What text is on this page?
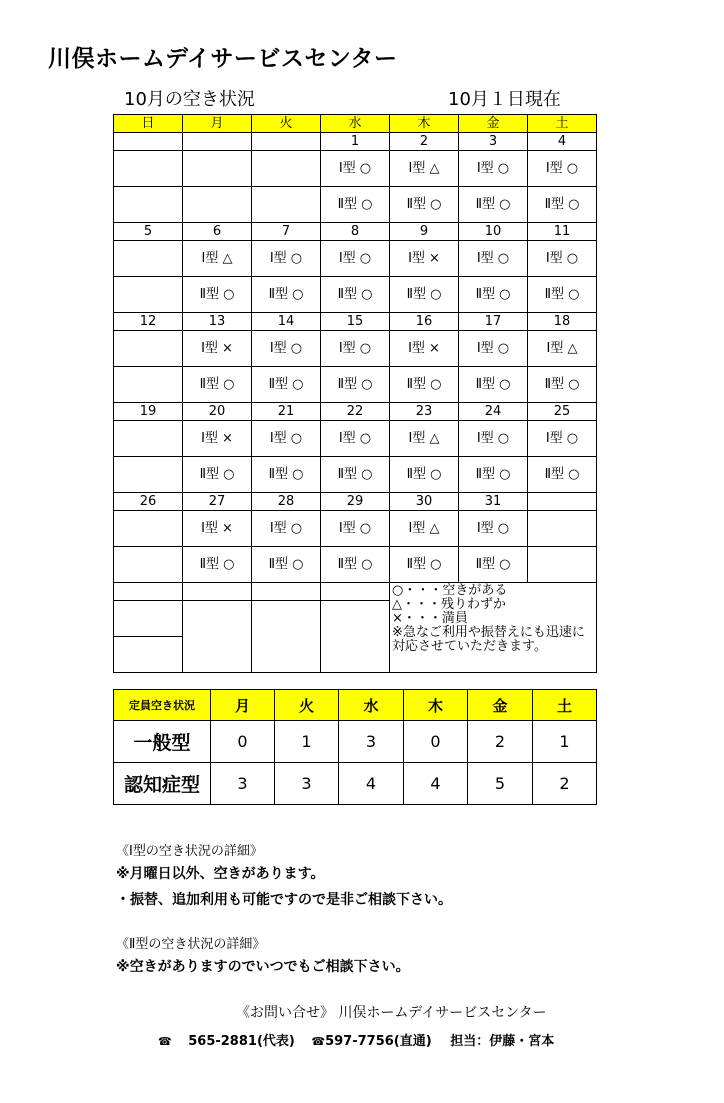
川俣ホームデイサービスセンター
10月の空き状況	10月１日現在
日	月	火	水	木	金	土
			1	2	3	4
			Ⅰ型 ○	Ⅰ型 △	Ⅰ型 ○	Ⅰ型 ○
			Ⅱ型 ○	Ⅱ型 ○	Ⅱ型 ○	Ⅱ型 ○
5	6	7	8	9	10	11
	Ⅰ型 △	Ⅰ型 ○	Ⅰ型 ○	Ⅰ型 ×	Ⅰ型 ○	Ⅰ型 ○
	Ⅱ型 ○	Ⅱ型 ○	Ⅱ型 ○	Ⅱ型 ○	Ⅱ型 ○	Ⅱ型 ○
12	13	14	15	16	17	18
	Ⅰ型 ×	Ⅰ型 ○	Ⅰ型 ○	Ⅰ型 ×	Ⅰ型 ○	Ⅰ型 △
	Ⅱ型 ○	Ⅱ型 ○	Ⅱ型 ○	Ⅱ型 ○	Ⅱ型 ○	Ⅱ型 ○
19	20	21	22	23	24	25
	Ⅰ型 ×	Ⅰ型 ○	Ⅰ型 ○	Ⅰ型 △	Ⅰ型 ○	Ⅰ型 ○
	Ⅱ型 ○	Ⅱ型 ○	Ⅱ型 ○	Ⅱ型 ○	Ⅱ型 ○	Ⅱ型 ○
26	27	28	29	30	31	
	Ⅰ型 ×	Ⅰ型 ○	Ⅰ型 ○	Ⅰ型 △	Ⅰ型 ○	
	Ⅱ型 ○	Ⅱ型 ○	Ⅱ型 ○	Ⅱ型 ○	Ⅱ型 ○	

				○・・・空きがある
△・・・残りわずか
×・・・満員
※急なご利用や振替えにも迅速に対応させていただきます。		

定員空き状況	月	火	水	木	金	土
一般型	0	1	3	0	2	1
認知症型	3	3	4	4	5	2
《Ⅰ型の空き状況の詳細》
※月曜日以外、空きがあります。
・振替、追加利用も可能ですので是非ご相談下さい。
《Ⅱ型の空き状況の詳細》
※空きがありますのでいつでもご相談下さい。
《お問い合せ》 川俣ホームデイサービスセンター
☎ 565-2881(代表) ☎597-7756(直通) 担当：伊藤・宮本
